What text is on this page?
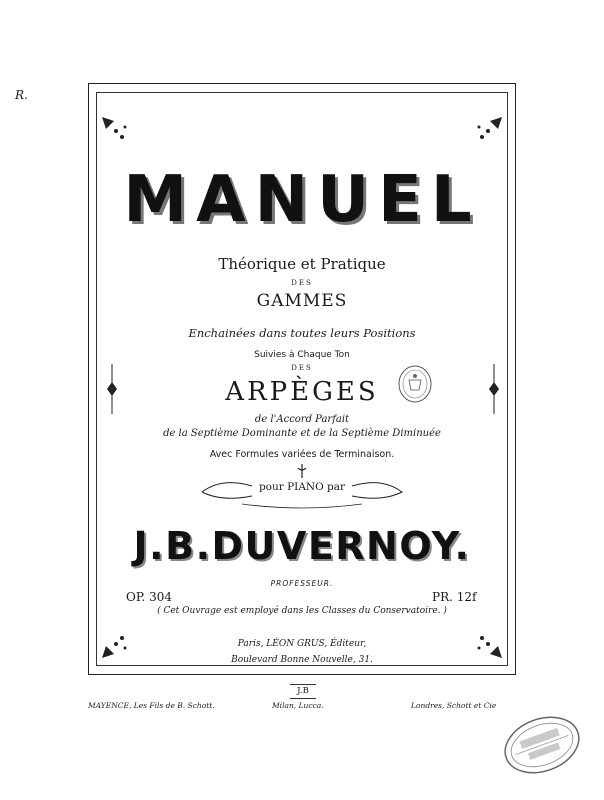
R.
MANUEL
Théorique et Pratique
DES
GAMMES
Enchainées dans toutes leurs Positions
Suivies à Chaque Ton
DES
ARPÈGES
de l'Accord Parfait
de la Septième Dominante et de la Septième Diminuée
Avec Formules variées de Terminaison.
pour PIANO par
J.B.DUVERNOY.
PROFESSEUR.
OP. 304	PR. 12f
( Cet Ouvrage est employé dans les Classes du Conservatoire. )
Paris, LÉON GRUS, Éditeur,
Boulevard Bonne Nouvelle, 31.
J.B
MAYENCE, Les Fils de B. Schott.	Milan, Lucca.	Londres, Schott et Cie
